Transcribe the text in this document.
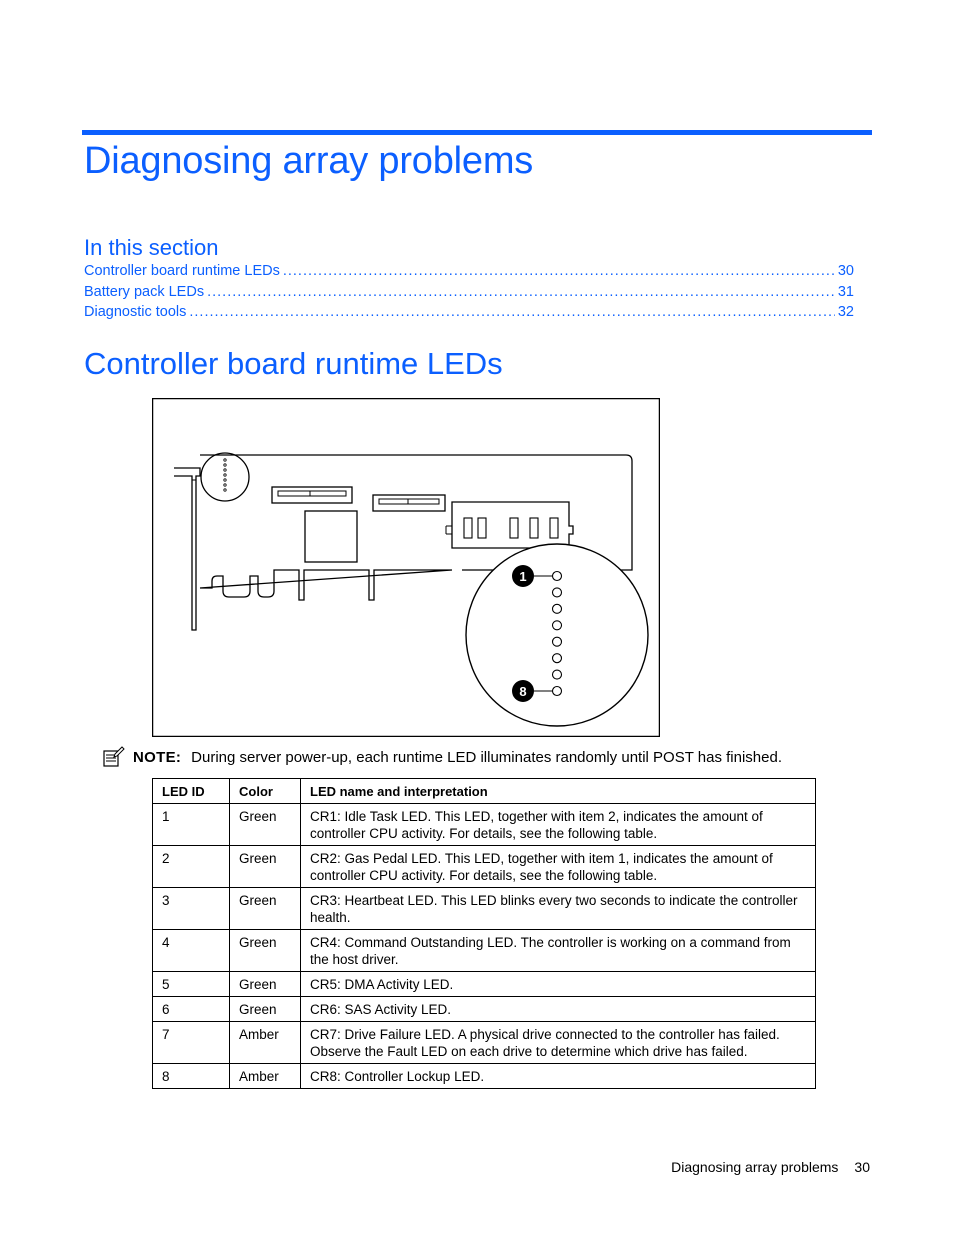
Diagnosing array problems
In this section
Controller board runtime LEDs .....	30
Battery pack LEDs .....	31
Diagnostic tools .....	32
Controller board runtime LEDs
1
8
NOTE: During server power-up, each runtime LED illuminates randomly until POST has finished.
LED ID	Color	LED name and interpretation
1	Green	CR1: Idle Task LED. This LED, together with item 2, indicates the amount of controller CPU activity. For details, see the following table.
2	Green	CR2: Gas Pedal LED. This LED, together with item 1, indicates the amount of controller CPU activity. For details, see the following table.
3	Green	CR3: Heartbeat LED. This LED blinks every two seconds to indicate the controller health.
4	Green	CR4: Command Outstanding LED. The controller is working on a command from the host driver.
5	Green	CR5: DMA Activity LED.
6	Green	CR6: SAS Activity LED.
7	Amber	CR7: Drive Failure LED. A physical drive connected to the controller has failed. Observe the Fault LED on each drive to determine which drive has failed.
8	Amber	CR8: Controller Lockup LED.
Diagnosing array problems 30
